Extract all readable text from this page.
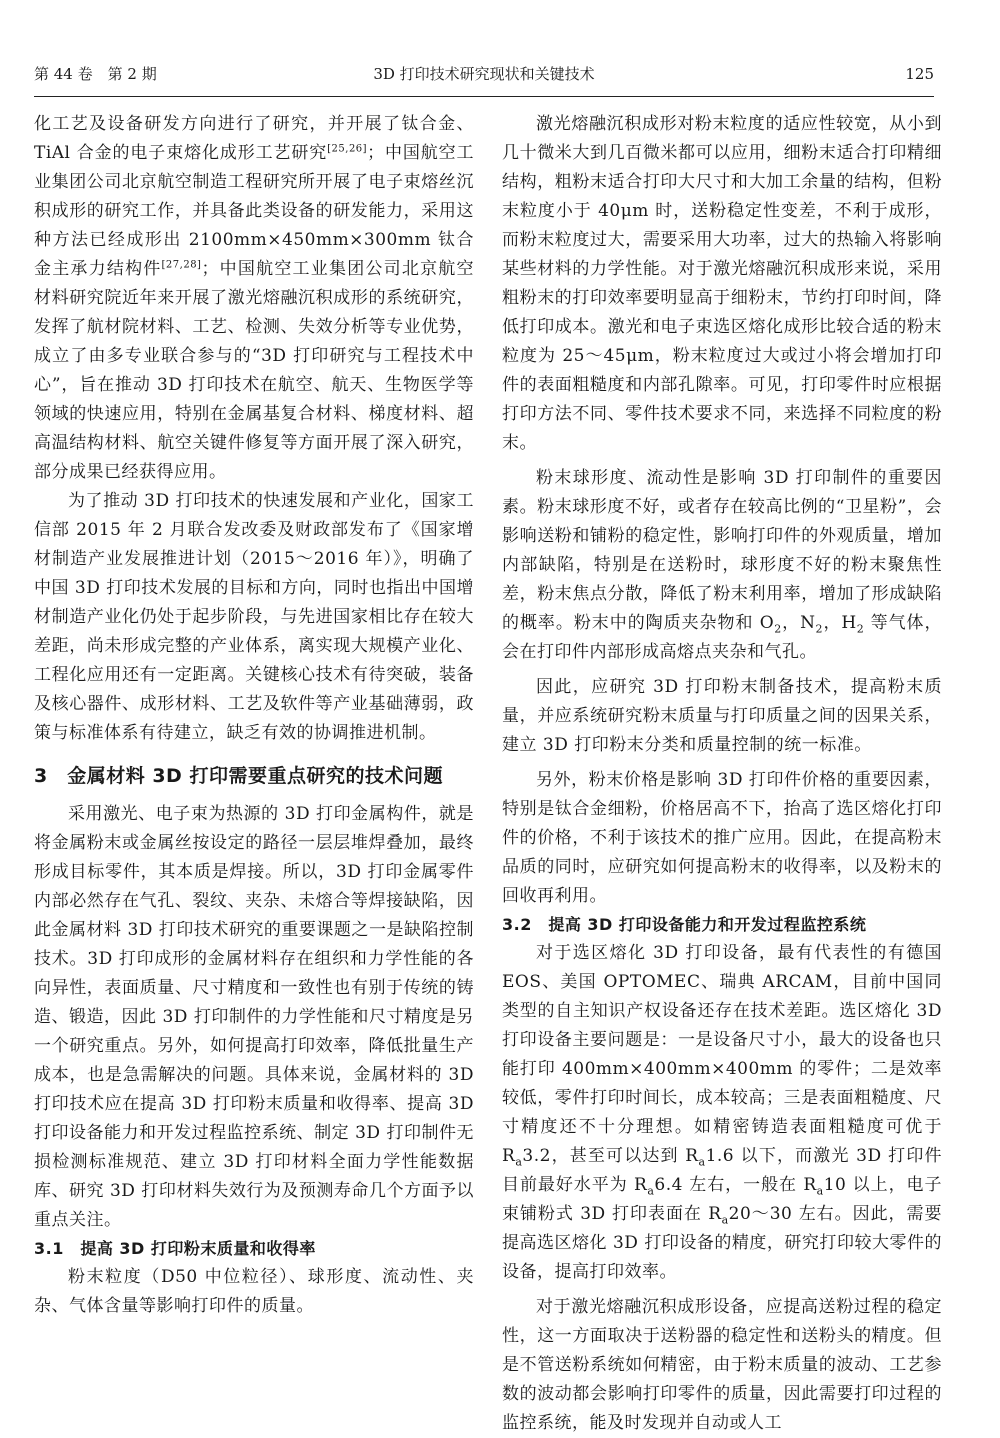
第 44 卷　第 2 期	3D 打印技术研究现状和关键技术	125

化工艺及设备研发方向进行了研究，并开展了钛合金、TiAl 合金的电子束熔化成形工艺研究[25,26]；中国航空工业集团公司北京航空制造工程研究所开展了电子束熔丝沉积成形的研究工作，并具备此类设备的研发能力，采用这种方法已经成形出 2100mm×450mm×300mm 钛合金主承力结构件[27,28]；中国航空工业集团公司北京航空材料研究院近年来开展了激光熔融沉积成形的系统研究，发挥了航材院材料、工艺、检测、失效分析等专业优势，成立了由多专业联合参与的“3D 打印研究与工程技术中心”，旨在推动 3D 打印技术在航空、航天、生物医学等领域的快速应用，特别在金属基复合材料、梯度材料、超高温结构材料、航空关键件修复等方面开展了深入研究，部分成果已经获得应用。

为了推动 3D 打印技术的快速发展和产业化，国家工信部 2015 年 2 月联合发改委及财政部发布了《国家增材制造产业发展推进计划（2015～2016 年）》，明确了中国 3D 打印技术发展的目标和方向，同时也指出中国增材制造产业化仍处于起步阶段，与先进国家相比存在较大差距，尚未形成完整的产业体系，离实现大规模产业化、工程化应用还有一定距离。关键核心技术有待突破，装备及核心器件、成形材料、工艺及软件等产业基础薄弱，政策与标准体系有待建立，缺乏有效的协调推进机制。

3　金属材料 3D 打印需要重点研究的技术问题

采用激光、电子束为热源的 3D 打印金属构件，就是将金属粉末或金属丝按设定的路径一层层堆焊叠加，最终形成目标零件，其本质是焊接。所以，3D 打印金属零件内部必然存在气孔、裂纹、夹杂、未熔合等焊接缺陷，因此金属材料 3D 打印技术研究的重要课题之一是缺陷控制技术。3D 打印成形的金属材料存在组织和力学性能的各向异性，表面质量、尺寸精度和一致性也有别于传统的铸造、锻造，因此 3D 打印制件的力学性能和尺寸精度是另一个研究重点。另外，如何提高打印效率，降低批量生产成本，也是急需解决的问题。具体来说，金属材料的 3D 打印技术应在提高 3D 打印粉末质量和收得率、提高 3D 打印设备能力和开发过程监控系统、制定 3D 打印制件无损检测标准规范、建立 3D 打印材料全面力学性能数据库、研究 3D 打印材料失效行为及预测寿命几个方面予以重点关注。

3.1　提高 3D 打印粉末质量和收得率

粉末粒度（D50 中位粒径）、球形度、流动性、夹杂、气体含量等影响打印件的质量。

激光熔融沉积成形对粉末粒度的适应性较宽，从小到几十微米大到几百微米都可以应用，细粉末适合打印精细结构，粗粉末适合打印大尺寸和大加工余量的结构，但粉末粒度小于 40μm 时，送粉稳定性变差，不利于成形，而粉末粒度过大，需要采用大功率，过大的热输入将影响某些材料的力学性能。对于激光熔融沉积成形来说，采用粗粉末的打印效率要明显高于细粉末，节约打印时间，降低打印成本。激光和电子束选区熔化成形比较合适的粉末粒度为 25～45μm，粉末粒度过大或过小将会增加打印件的表面粗糙度和内部孔隙率。可见，打印零件时应根据打印方法不同、零件技术要求不同，来选择不同粒度的粉末。

粉末球形度、流动性是影响 3D 打印制件的重要因素。粉末球形度不好，或者存在较高比例的“卫星粉”，会影响送粉和铺粉的稳定性，影响打印件的外观质量，增加内部缺陷，特别是在送粉时，球形度不好的粉末聚焦性差，粉末焦点分散，降低了粉末利用率，增加了形成缺陷的概率。粉末中的陶质夹杂物和 $O_2$，$N_2$，$H_2$ 等气体，会在打印件内部形成高熔点夹杂和气孔。

因此，应研究 3D 打印粉末制备技术，提高粉末质量，并应系统研究粉末质量与打印质量之间的因果关系，建立 3D 打印粉末分类和质量控制的统一标准。

另外，粉末价格是影响 3D 打印件价格的重要因素，特别是钛合金细粉，价格居高不下，抬高了选区熔化打印件的价格，不利于该技术的推广应用。因此，在提高粉末品质的同时，应研究如何提高粉末的收得率，以及粉末的回收再利用。

3.2　提高 3D 打印设备能力和开发过程监控系统

对于选区熔化 3D 打印设备，最有代表性的有德国 EOS、美国 OPTOMEC、瑞典 ARCAM，目前中国同类型的自主知识产权设备还存在技术差距。选区熔化 3D 打印设备主要问题是：一是设备尺寸小，最大的设备也只能打印 400mm×400mm×400mm 的零件；二是效率较低，零件打印时间长，成本较高；三是表面粗糙度、尺寸精度还不十分理想。如精密铸造表面粗糙度可优于 $R_a3.2$，甚至可以达到 $R_a1.6$ 以下，而激光 3D 打印件目前最好水平为 $R_a6.4$ 左右，一般在 $R_a10$ 以上，电子束铺粉式 3D 打印表面在 $R_a20\sim 30$ 左右。因此，需要提高选区熔化 3D 打印设备的精度，研究打印较大零件的设备，提高打印效率。

对于激光熔融沉积成形设备，应提高送粉过程的稳定性，这一方面取决于送粉器的稳定性和送粉头的精度。但是不管送粉系统如何精密，由于粉末质量的波动、工艺参数的波动都会影响打印零件的质量，因此需要打印过程的监控系统，能及时发现并自动或人工
